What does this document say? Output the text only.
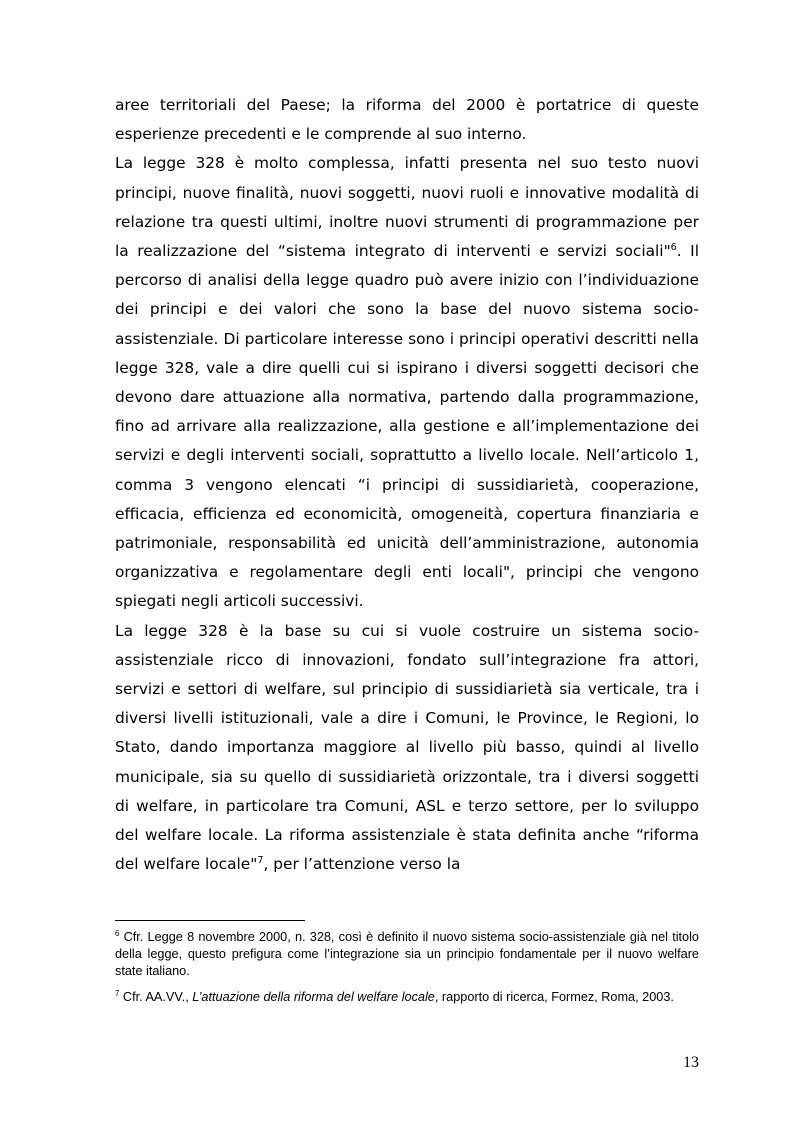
aree territoriali del Paese; la riforma del 2000 è portatrice di queste esperienze precedenti e le comprende al suo interno.

La legge 328 è molto complessa, infatti presenta nel suo testo nuovi principi, nuove finalità, nuovi soggetti, nuovi ruoli e innovative modalità di relazione tra questi ultimi, inoltre nuovi strumenti di programmazione per la realizzazione del “sistema integrato di interventi e servizi sociali"$^6$. Il percorso di analisi della legge quadro può avere inizio con l’individuazione dei principi e dei valori che sono la base del nuovo sistema socio-assistenziale. Di particolare interesse sono i principi operativi descritti nella legge 328, vale a dire quelli cui si ispirano i diversi soggetti decisori che devono dare attuazione alla normativa, partendo dalla programmazione, fino ad arrivare alla realizzazione, alla gestione e all’implementazione dei servizi e degli interventi sociali, soprattutto a livello locale. Nell’articolo 1, comma 3 vengono elencati “i principi di sussidiarietà, cooperazione, efficacia, efficienza ed economicità, omogeneità, copertura finanziaria e patrimoniale, responsabilità ed unicità dell’amministrazione, autonomia organizzativa e regolamentare degli enti locali", principi che vengono spiegati negli articoli successivi.

La legge 328 è la base su cui si vuole costruire un sistema socio-assistenziale ricco di innovazioni, fondato sull’integrazione fra attori, servizi e settori di welfare, sul principio di sussidiarietà sia verticale, tra i diversi livelli istituzionali, vale a dire i Comuni, le Province, le Regioni, lo Stato, dando importanza maggiore al livello più basso, quindi al livello municipale, sia su quello di sussidiarietà orizzontale, tra i diversi soggetti di welfare, in particolare tra Comuni, ASL e terzo settore, per lo sviluppo del welfare locale. La riforma assistenziale è stata definita anche “riforma del welfare locale"$^7$, per l’attenzione verso la

$^6$ Cfr. Legge 8 novembre 2000, n. 328, così è definito il nuovo sistema socio-assistenziale già nel titolo della legge, questo prefigura come l’integrazione sia un principio fondamentale per il nuovo welfare state italiano.

$^7$ Cfr. AA.VV., L’attuazione della riforma del welfare locale, rapporto di ricerca, Formez, Roma, 2003.

13
